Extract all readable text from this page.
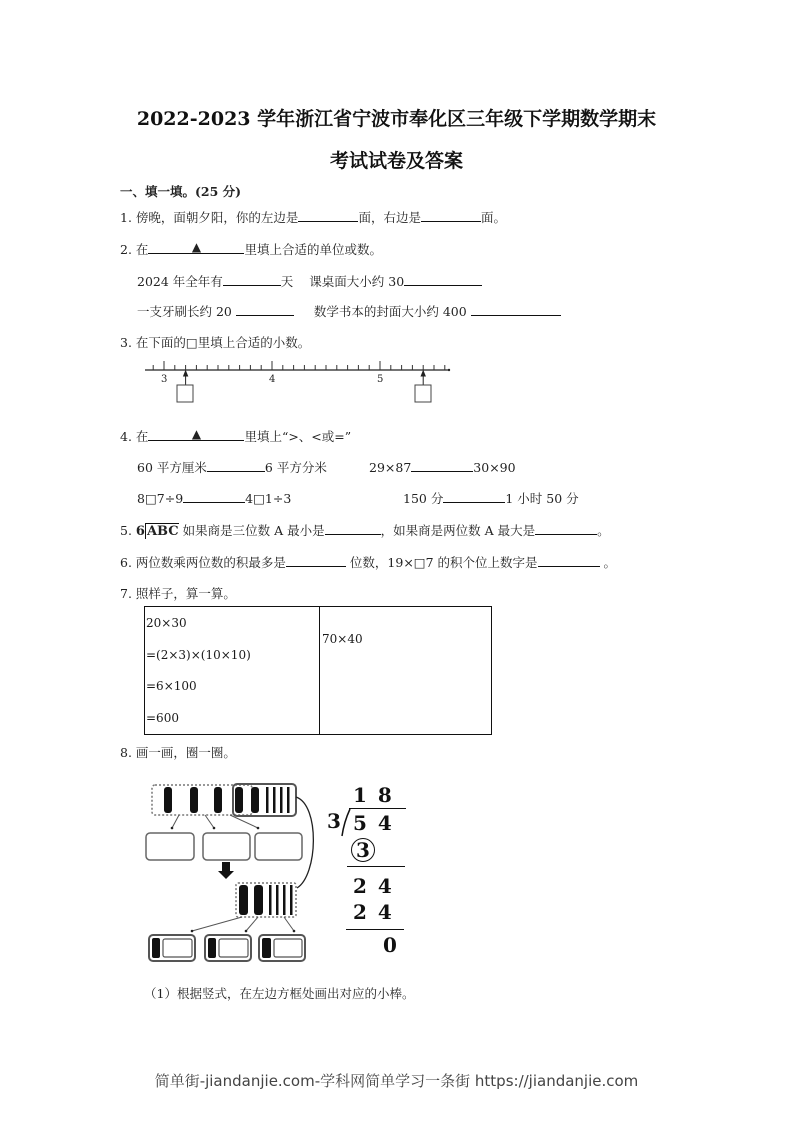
2022-2023 学年浙江省宁波市奉化区三年级下学期数学期末
考试试卷及答案
一、填一填。(25 分)
1. 傍晚，面朝夕阳，你的左边是	面，右边是	面。
2. 在	▲	里填上合适的单位或数。
2024 年全年有	天 课桌面大小约 30
一支牙刷长约 20	数学书本的封面大小约 400
3. 在下面的□里填上合适的小数。
3	4	5
4. 在	▲	里填上“>、<或=”
60 平方厘米	6 平方分米	29×87	30×90
8□7÷9	4□1÷3	150 分	1 小时 50 分
5. 6 ABC 如果商是三位数 A 最小是	，如果商是两位数 A 最大是	。
6. 两位数乘两位数的积最多是	位数，19×□7 的积个位上数字是	。
7. 照样子，算一算。
20×30
=(2×3)×(10×10)
=6×100
=600

70×40
8. 画一画，圈一圈。
1 8
3 5 4
3
2 4
2 4
0
（1）根据竖式，在左边方框处画出对应的小棒。
简单街-jiandanjie.com-学科网简单学习一条街 https://jiandanjie.com
